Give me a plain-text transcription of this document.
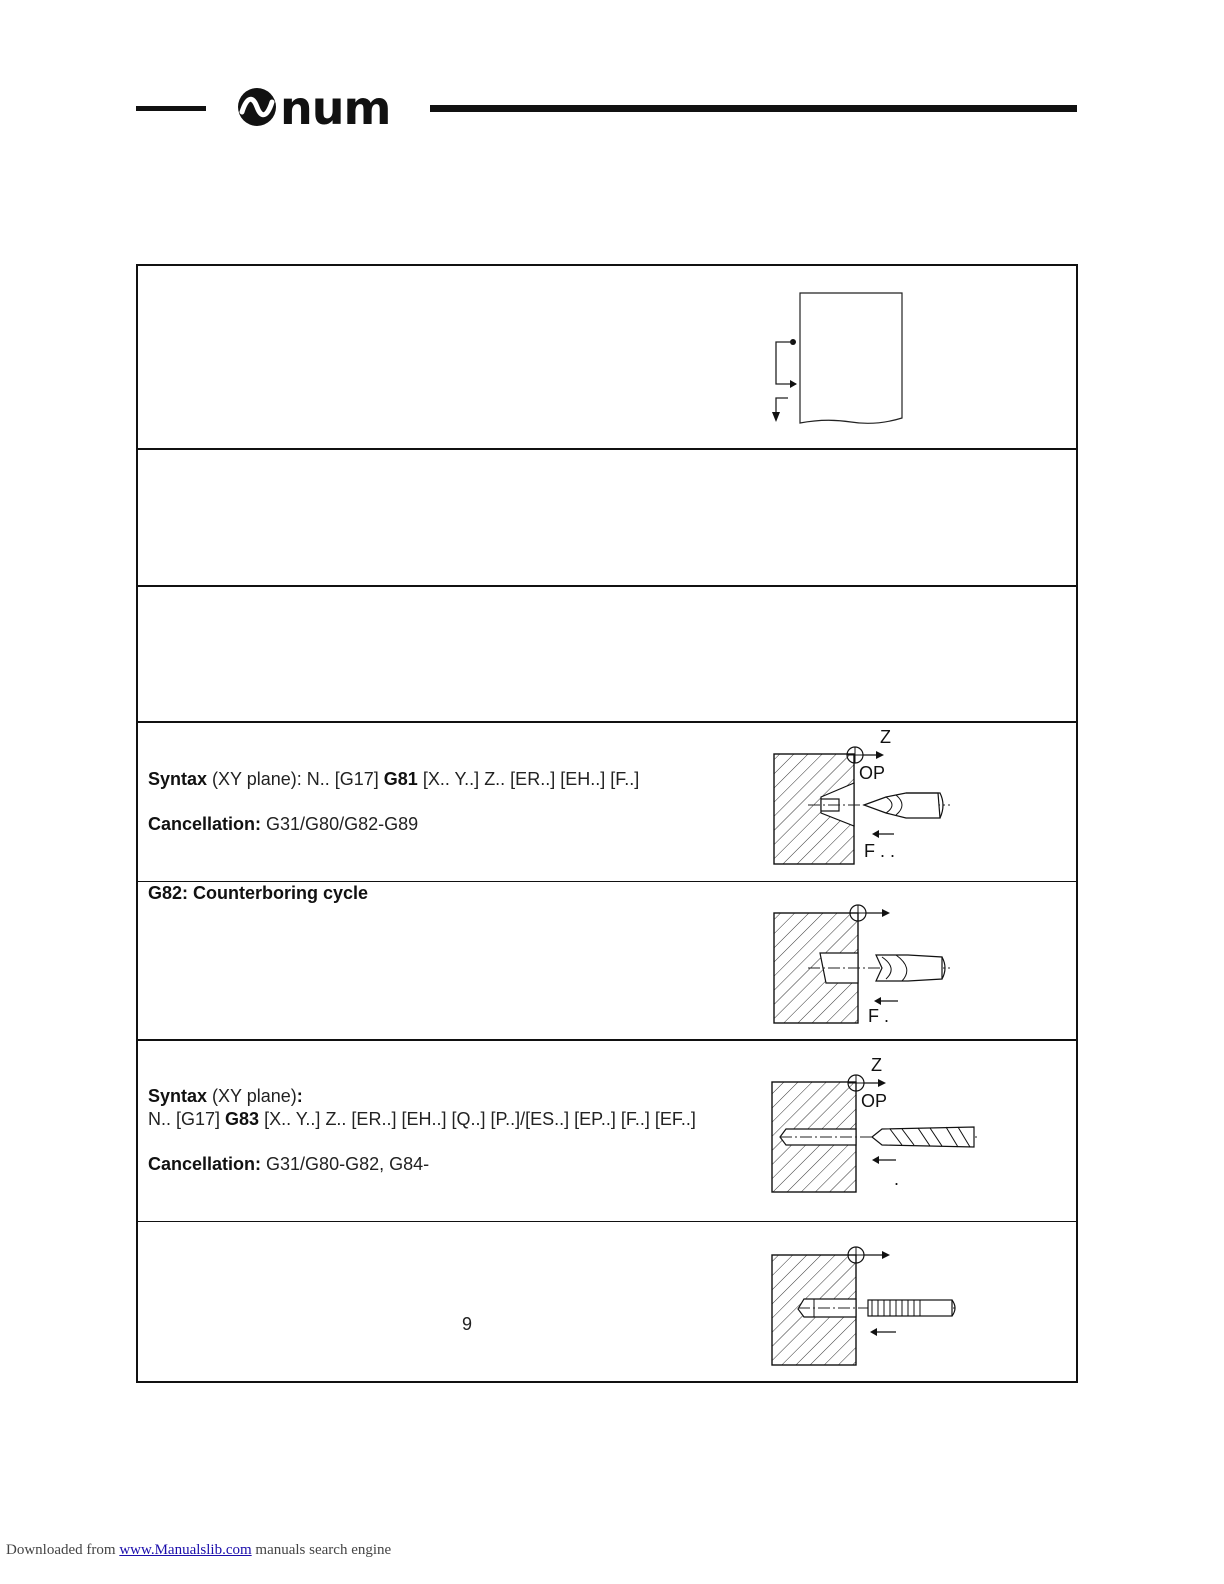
num
Syntax (XY plane): N.. [G17] G81 [X.. Y..] Z.. [ER..] [EH..] [F..]
Cancellation: G31/G80/G82-G89
Z
OP
F . .
G82: Counterboring cycle
F .
Syntax (XY plane):
N.. [G17] G83 [X.. Y..] Z.. [ER..] [EH..] [Q..] [P..]/[ES..] [EP..] [F..] [EF..]
Cancellation: G31/G80-G82, G84-
Z
OP
.
9
Downloaded from www.Manualslib.com manuals search engine
